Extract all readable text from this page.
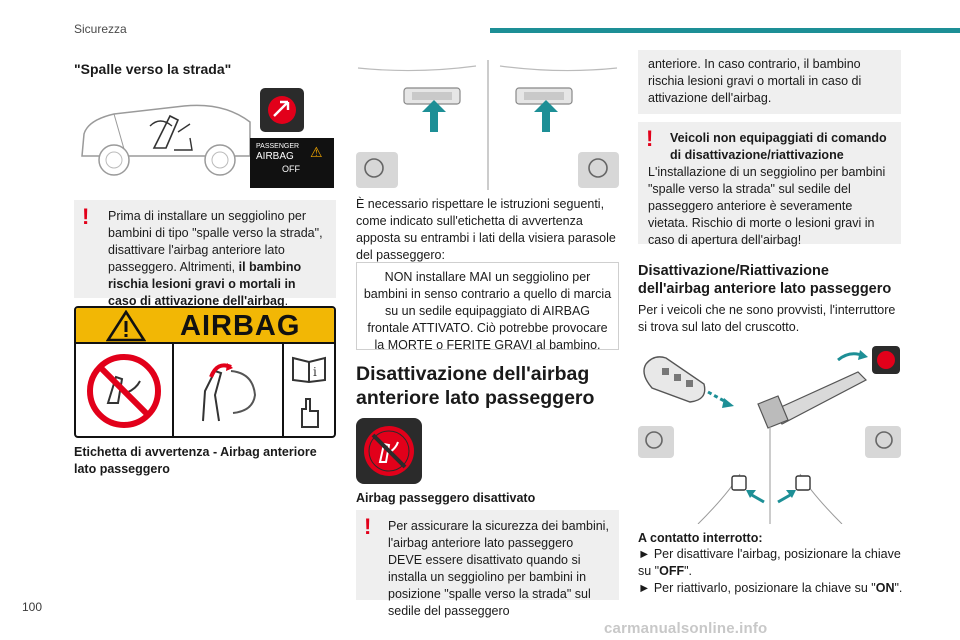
Sicurezza
"Spalle verso la strada"
PASSENGER
AIRBAG
OFF
⚠
!	Prima di installare un seggiolino per bambini di tipo "spalle verso la strada", disattivare l'airbag anteriore lato passeggero. Altrimenti, il bambino rischia lesioni gravi o mortali in caso di attivazione dell'airbag.
AIRBAG
i
Etichetta di avvertenza - Airbag anteriore lato passeggero
È necessario rispettare le istruzioni seguenti, come indicato sull'etichetta di avvertenza apposta su entrambi i lati della visiera parasole del passeggero:
NON installare MAI un seggiolino per bambini in senso contrario a quello di marcia su un sedile equipaggiato di AIRBAG frontale ATTIVATO. Ciò potrebbe provocare la MORTE o FERITE GRAVI al bambino.
Disattivazione dell'airbag anteriore lato passeggero
Airbag passeggero disattivato
!	Per assicurare la sicurezza dei bambini, l'airbag anteriore lato passeggero DEVE essere disattivato quando si installa un seggiolino per bambini in posizione "spalle verso la strada" sul sedile del passeggero
anteriore. In caso contrario, il bambino rischia lesioni gravi o mortali in caso di attivazione dell'airbag.
!	Veicoli non equipaggiati di comando di disattivazione/riattivazione
L'installazione di un seggiolino per bambini "spalle verso la strada" sul sedile del passeggero anteriore è severamente vietata. Rischio di morte o lesioni gravi in caso di apertura dell'airbag!
Disattivazione/Riattivazione dell'airbag anteriore lato passeggero
Per i veicoli che ne sono provvisti, l'interruttore si trova sul lato del cruscotto.
A contatto interrotto:
► Per disattivare l'airbag, posizionare la chiave su "OFF".
► Per riattivarlo, posizionare la chiave su "ON".
100
carmanualsonline.info
